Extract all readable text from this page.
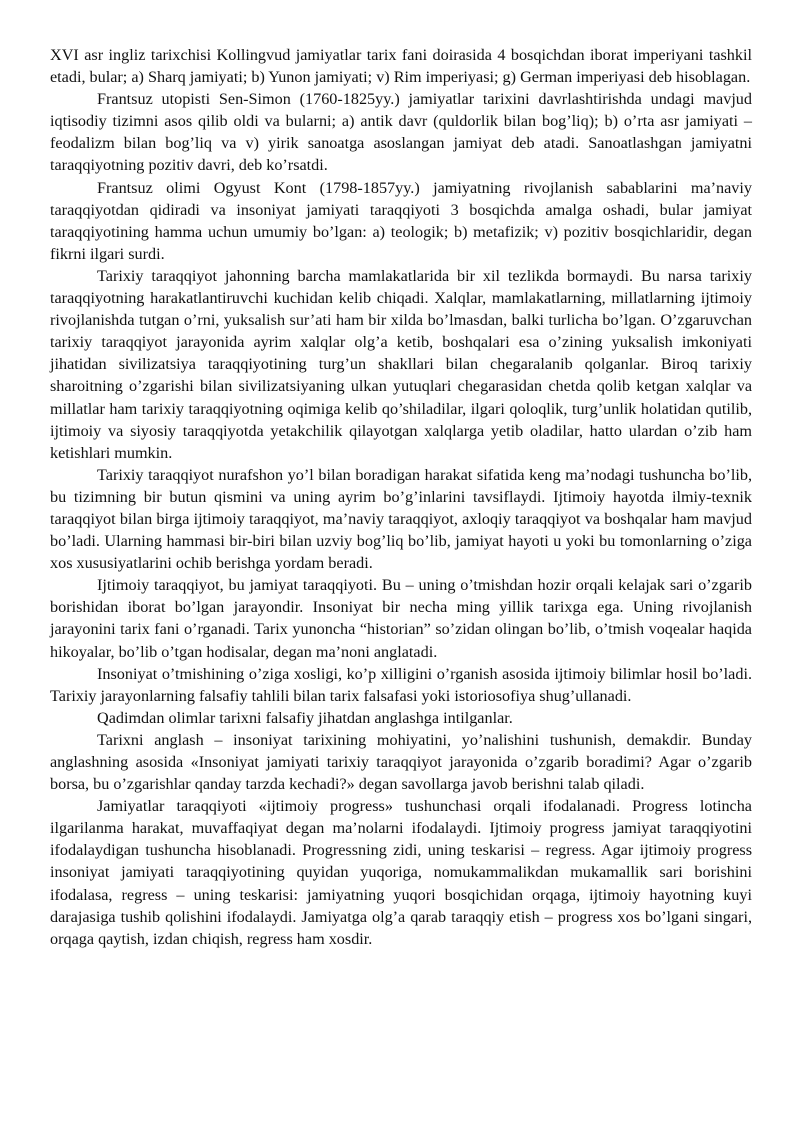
XVI asr ingliz tarixchisi Kollingvud jamiyatlar tarix fani doirasida 4 bosqichdan iborat imperiyani tashkil etadi, bular; a) Sharq jamiyati; b) Yunon jamiyati; v) Rim imperiyasi; g) German imperiyasi deb hisoblagan.

Frantsuz utopisti Sen-Simon (1760-1825yy.) jamiyatlar tarixini davrlashtirishda undagi mavjud iqtisodiy tizimni asos qilib oldi va bularni; a) antik davr (quldorlik bilan bog’liq); b) o’rta asr jamiyati – feodalizm bilan bog’liq va v) yirik sanoatga asoslangan jamiyat deb atadi. Sanoatlashgan jamiyatni taraqqiyotning pozitiv davri, deb ko’rsatdi.

Frantsuz olimi Ogyust Kont (1798-1857yy.) jamiyatning rivojlanish sabablarini ma’naviy taraqqiyotdan qidiradi va insoniyat jamiyati taraqqiyoti 3 bosqichda amalga oshadi, bular jamiyat taraqqiyotining hamma uchun umumiy bo’lgan: a) teologik; b) metafizik; v) pozitiv bosqichlaridir, degan fikrni ilgari surdi.

Tarixiy taraqqiyot jahonning barcha mamlakatlarida bir xil tezlikda bormaydi. Bu narsa tarixiy taraqqiyotning harakatlantiruvchi kuchidan kelib chiqadi. Xalqlar, mamlakatlarning, millatlarning ijtimoiy rivojlanishda tutgan o’rni, yuksalish sur’ati ham bir xilda bo’lmasdan, balki turlicha bo’lgan. O’zgaruvchan tarixiy taraqqiyot jarayonida ayrim xalqlar olg’a ketib, boshqalari esa o’zining yuksalish imkoniyati jihatidan sivilizatsiya taraqqiyotining turg’un shakllari bilan chegaralanib qolganlar. Biroq tarixiy sharoitning o’zgarishi bilan sivilizatsiyaning ulkan yutuqlari chegarasidan chetda qolib ketgan xalqlar va millatlar ham tarixiy taraqqiyotning oqimiga kelib qo’shiladilar, ilgari qoloqlik, turg’unlik holatidan qutilib, ijtimoiy va siyosiy taraqqiyotda yetakchilik qilayotgan xalqlarga yetib oladilar, hatto ulardan o’zib ham ketishlari mumkin.

Tarixiy taraqqiyot nurafshon yo’l bilan boradigan harakat sifatida keng ma’nodagi tushuncha bo’lib, bu tizimning bir butun qismini va uning ayrim bo’g’inlarini tavsiflaydi. Ijtimoiy hayotda ilmiy-texnik taraqqiyot bilan birga ijtimoiy taraqqiyot, ma’naviy taraqqiyot, axloqiy taraqqiyot va boshqalar ham mavjud bo’ladi. Ularning hammasi bir-biri bilan uzviy bog’liq bo’lib, jamiyat hayoti u yoki bu tomonlarning o’ziga xos xususiyatlarini ochib berishga yordam beradi.

Ijtimoiy taraqqiyot, bu jamiyat taraqqiyoti. Bu – uning o’tmishdan hozir orqali kelajak sari o’zgarib borishidan iborat bo’lgan jarayondir. Insoniyat bir necha ming yillik tarixga ega. Uning rivojlanish jarayonini tarix fani o’rganadi. Tarix yunoncha “historian” so’zidan olingan bo’lib, o’tmish voqealar haqida hikoyalar, bo’lib o’tgan hodisalar, degan ma’noni anglatadi.

Insoniyat o’tmishining o’ziga xosligi, ko’p xilligini o’rganish asosida ijtimoiy bilimlar hosil bo’ladi. Tarixiy jarayonlarning falsafiy tahlili bilan tarix falsafasi yoki istoriosofiya shug’ullanadi.

Qadimdan olimlar tarixni falsafiy jihatdan anglashga intilganlar.

Tarixni anglash – insoniyat tarixining mohiyatini, yo’nalishini tushunish, demakdir. Bunday anglashning asosida «Insoniyat jamiyati tarixiy taraqqiyot jarayonida o’zgarib boradimi? Agar o’zgarib borsa, bu o’zgarishlar qanday tarzda kechadi?» degan savollarga javob berishni talab qiladi.

Jamiyatlar taraqqiyoti «ijtimoiy progress» tushunchasi orqali ifodalanadi. Progress lotincha ilgarilanma harakat, muvaffaqiyat degan ma’nolarni ifodalaydi. Ijtimoiy progress jamiyat taraqqiyotini ifodalaydigan tushuncha hisoblanadi. Progressning zidi, uning teskarisi – regress. Agar ijtimoiy progress insoniyat jamiyati taraqqiyotining quyidan yuqoriga, nomukammalikdan mukamallik sari borishini ifodalasa, regress – uning teskarisi: jamiyatning yuqori bosqichidan orqaga, ijtimoiy hayotning kuyi darajasiga tushib qolishini ifodalaydi. Jamiyatga olg’a qarab taraqqiy etish – progress xos bo’lgani singari, orqaga qaytish, izdan chiqish, regress ham xosdir.
